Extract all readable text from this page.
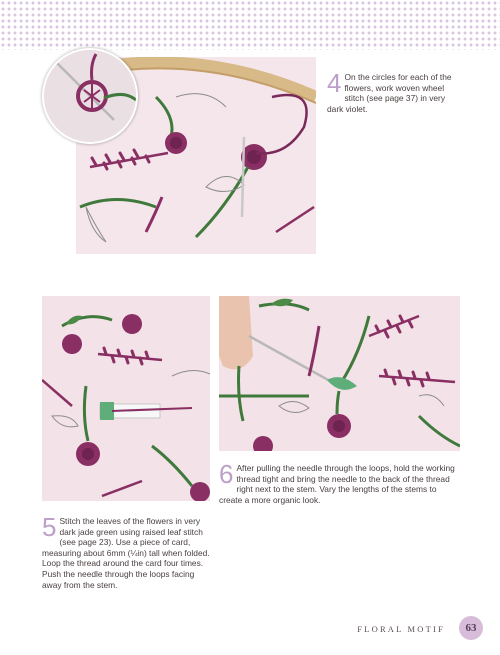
4 On the circles for each of the flowers, work woven wheel stitch (see page 37) in very dark violet.
6 After pulling the needle through the loops, hold the working thread tight and bring the needle to the back of the thread right next to the stem. Vary the lengths of the stems to create a more organic look.
5 Stitch the leaves of the flowers in very dark jade green using raised leaf stitch (see page 23). Use a piece of card, measuring about 6mm (¼in) tall when folded. Loop the thread around the card four times. Push the needle through the loops facing away from the stem.
FLORAL MOTIF	63
